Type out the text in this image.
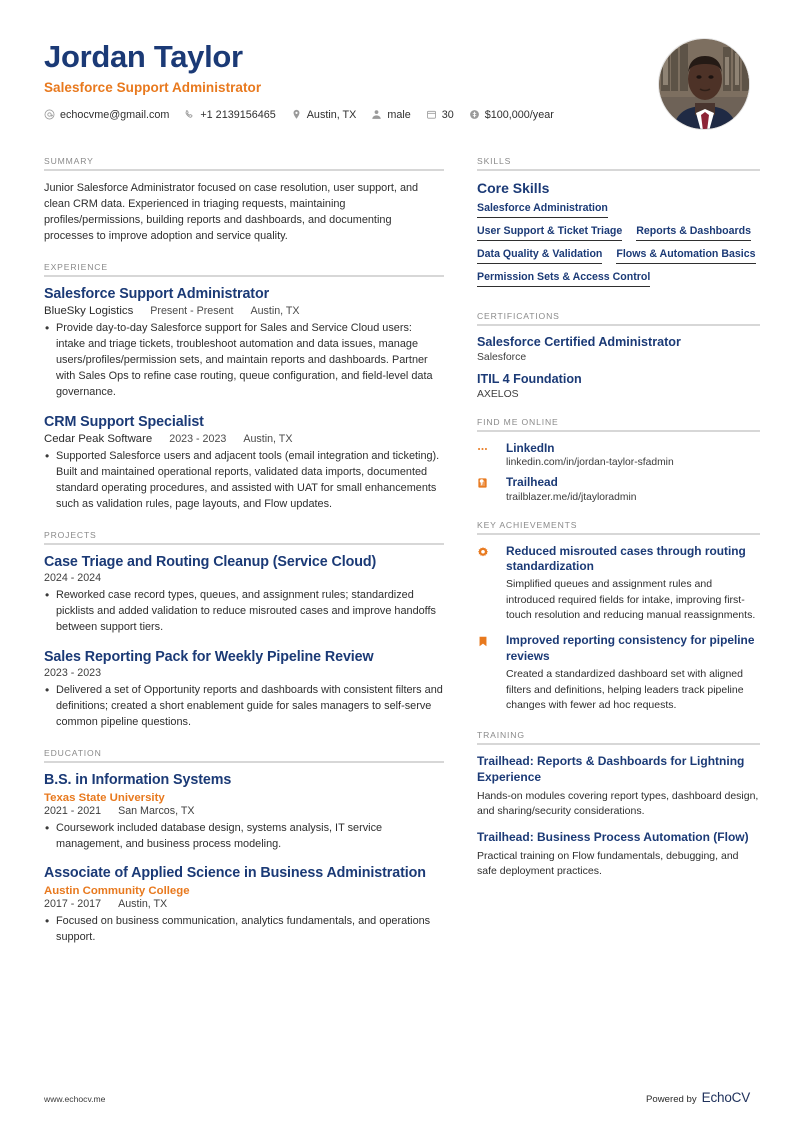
Jordan Taylor
Salesforce Support Administrator
echocvme@gmail.com	+1 2139156465	Austin, TX	male	30	$100,000/year
SUMMARY
Junior Salesforce Administrator focused on case resolution, user support, and clean CRM data. Experienced in triaging requests, maintaining profiles/permissions, building reports and dashboards, and documenting processes to improve adoption and service quality.
EXPERIENCE
Salesforce Support Administrator
BlueSky Logistics Present - Present Austin, TX
• Provide day-to-day Salesforce support for Sales and Service Cloud users: intake and triage tickets, troubleshoot automation and data issues, manage users/profiles/permission sets, and maintain reports and dashboards. Partner with Sales Ops to refine case routing, queue configuration, and field-level data governance.
CRM Support Specialist
Cedar Peak Software 2023 - 2023 Austin, TX
• Supported Salesforce users and adjacent tools (email integration and ticketing). Built and maintained operational reports, validated data imports, documented standard operating procedures, and assisted with UAT for small enhancements such as validation rules, page layouts, and Flow updates.
PROJECTS
Case Triage and Routing Cleanup (Service Cloud)
2024 - 2024
• Reworked case record types, queues, and assignment rules; standardized picklists and added validation to reduce misrouted cases and improve handoffs between support tiers.
Sales Reporting Pack for Weekly Pipeline Review
2023 - 2023
• Delivered a set of Opportunity reports and dashboards with consistent filters and definitions; created a short enablement guide for sales managers to self-serve common pipeline questions.
EDUCATION
B.S. in Information Systems
Texas State University
2021 - 2021 San Marcos, TX
• Coursework included database design, systems analysis, IT service management, and business process modeling.
Associate of Applied Science in Business Administration
Austin Community College
2017 - 2017 Austin, TX
• Focused on business communication, analytics fundamentals, and operations support.
SKILLS
Core Skills
Salesforce Administration
User Support & Ticket Triage Reports & Dashboards
Data Quality & Validation Flows & Automation Basics
Permission Sets & Access Control
CERTIFICATIONS
Salesforce Certified Administrator
Salesforce
ITIL 4 Foundation
AXELOS
FIND ME ONLINE
LinkedIn
linkedin.com/in/jordan-taylor-sfadmin
Trailhead
trailblazer.me/id/jtayloradmin
KEY ACHIEVEMENTS
Reduced misrouted cases through routing standardization
Simplified queues and assignment rules and introduced required fields for intake, improving first-touch resolution and reducing manual reassignments.
Improved reporting consistency for pipeline reviews
Created a standardized dashboard set with aligned filters and definitions, helping leaders track pipeline changes with fewer ad hoc requests.
TRAINING
Trailhead: Reports & Dashboards for Lightning Experience
Hands-on modules covering report types, dashboard design, and sharing/security considerations.
Trailhead: Business Process Automation (Flow)
Practical training on Flow fundamentals, debugging, and safe deployment practices.
www.echocv.me	Powered by EchoCV
